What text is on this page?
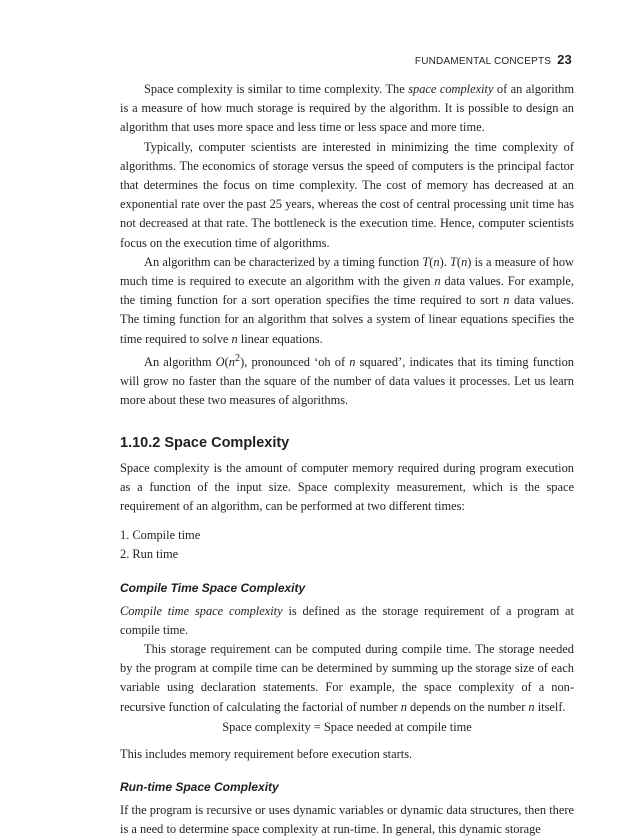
FUNDAMENTAL CONCEPTS 23

Space complexity is similar to time complexity. The space complexity of an algorithm is a measure of how much storage is required by the algorithm. It is possible to design an algorithm that uses more space and less time or less space and more time.

Typically, computer scientists are interested in minimizing the time complexity of algorithms. The economics of storage versus the speed of computers is the principal factor that determines the focus on time complexity. The cost of memory has decreased at an exponential rate over the past 25 years, whereas the cost of central processing unit time has not decreased at that rate. The bottleneck is the execution time. Hence, computer scientists focus on the execution time of algorithms.

An algorithm can be characterized by a timing function T(n). T(n) is a measure of how much time is required to execute an algorithm with the given n data values. For example, the timing function for a sort operation specifies the time required to sort n data values. The timing function for an algorithm that solves a system of linear equations specifies the time required to solve n linear equations.

An algorithm $O(n^2)$, pronounced ‘oh of n squared’, indicates that its timing function will grow no faster than the square of the number of data values it processes. Let us learn more about these two measures of algorithms.

1.10.2 Space Complexity

Space complexity is the amount of computer memory required during program execution as a function of the input size. Space complexity measurement, which is the space requirement of an algorithm, can be performed at two different times:

1. Compile time
2. Run time
Compile Time Space Complexity

Compile time space complexity is defined as the storage requirement of a program at compile time.

This storage requirement can be computed during compile time. The storage needed by the program at compile time can be determined by summing up the storage size of each variable using declaration statements. For example, the space complexity of a non-recursive function of calculating the factorial of number n depends on the number n itself.

Space complexity = Space needed at compile time

This includes memory requirement before execution starts.

Run-time Space Complexity

If the program is recursive or uses dynamic variables or dynamic data structures, then there is a need to determine space complexity at run-time. In general, this dynamic storage
